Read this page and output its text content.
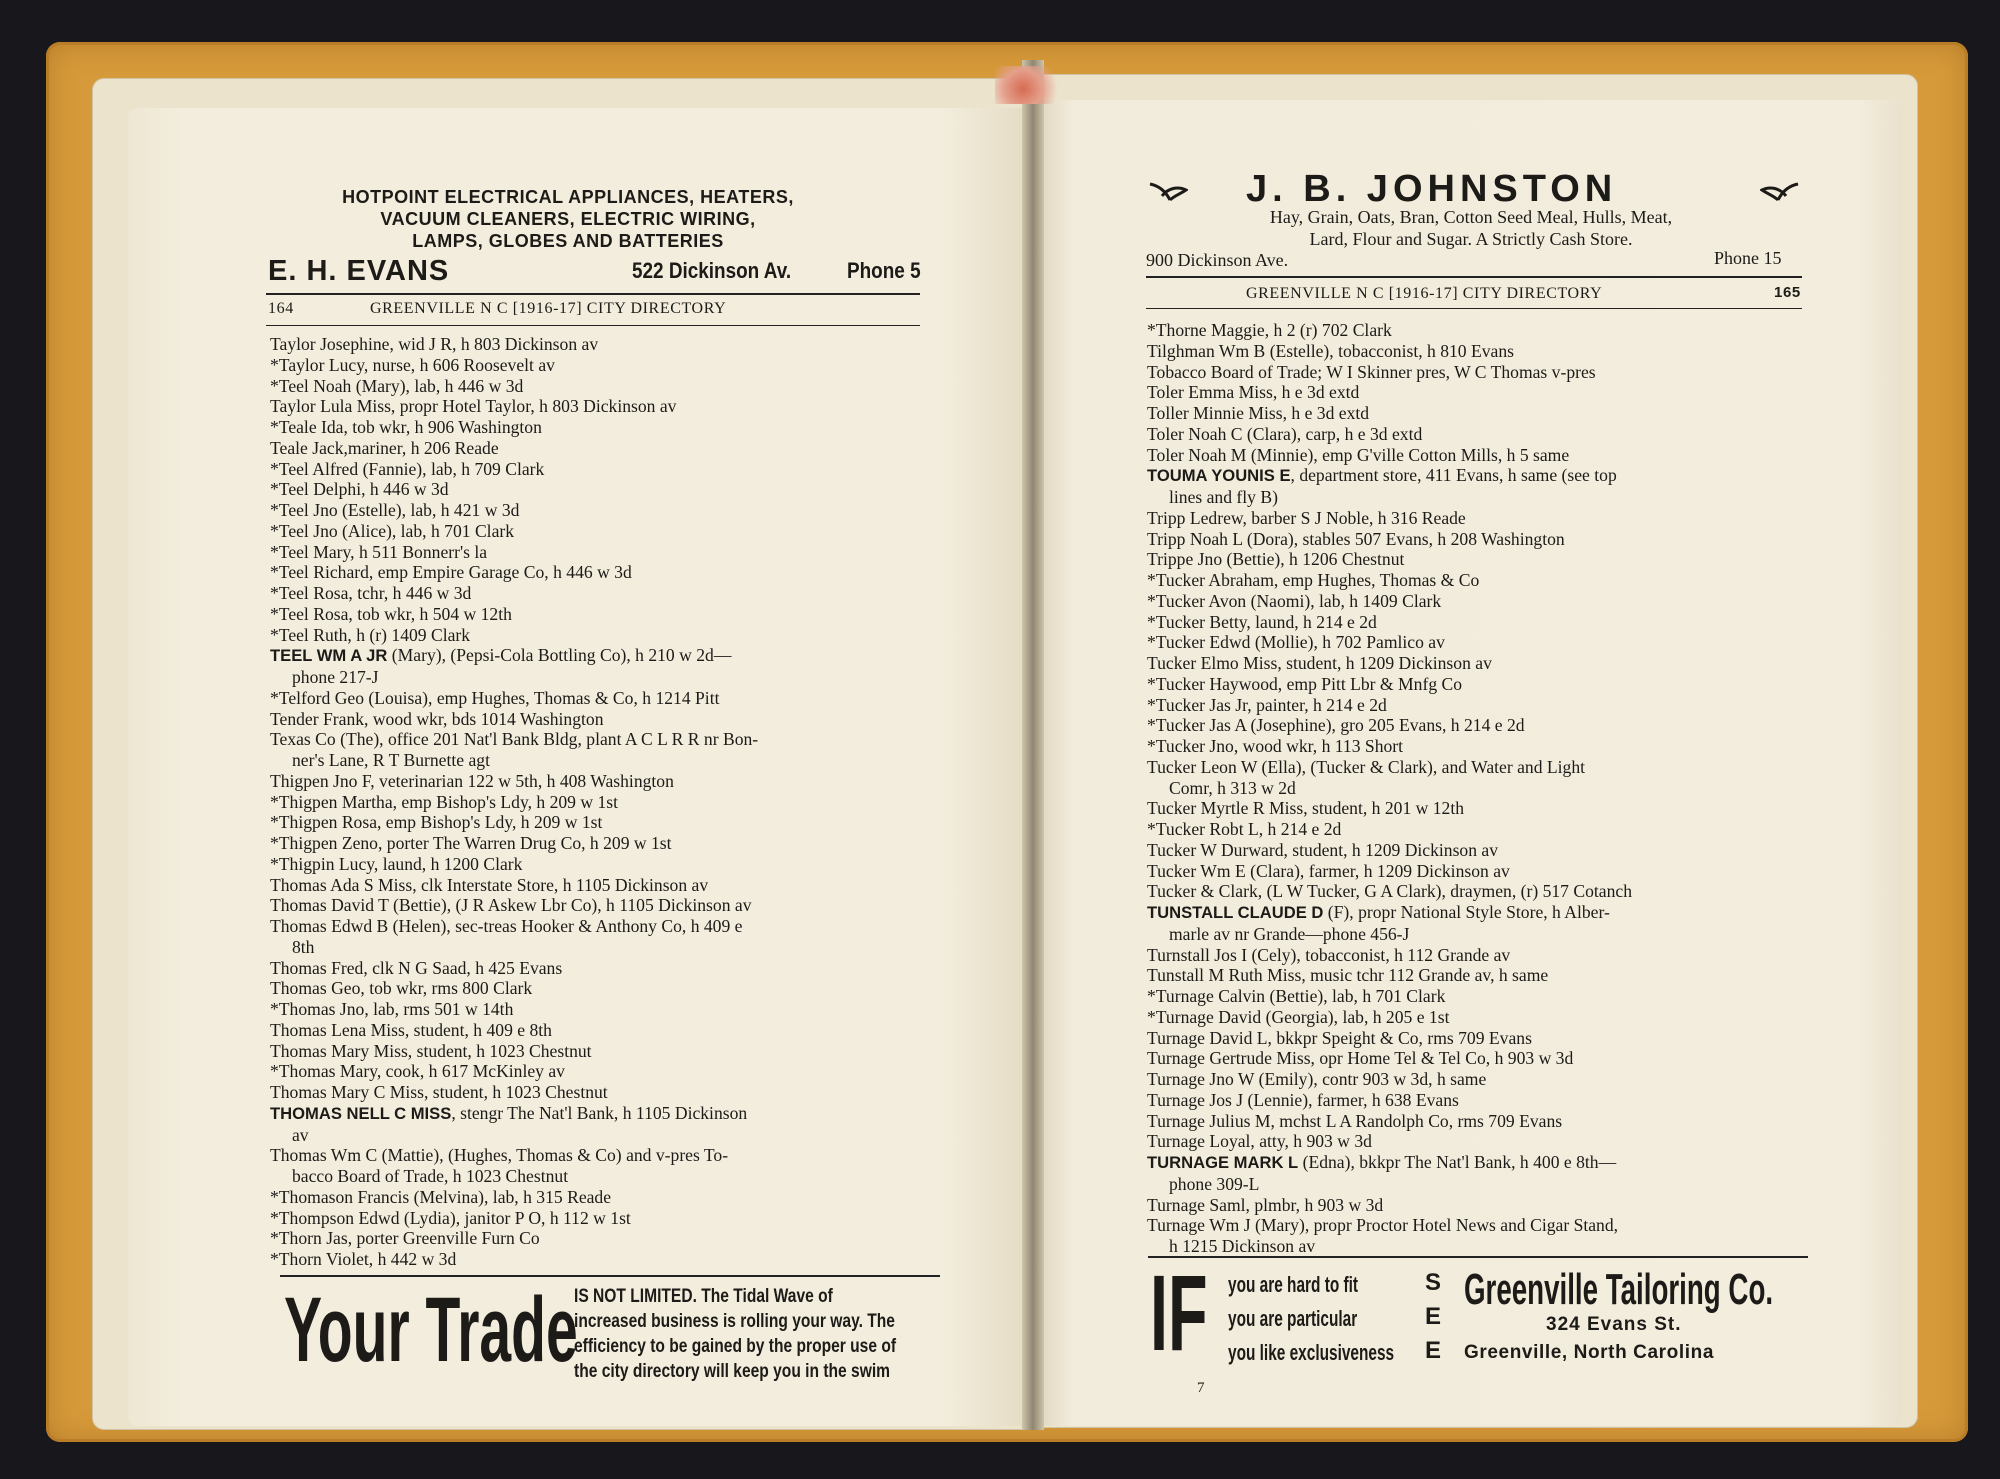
HOTPOINT ELECTRICAL APPLIANCES, HEATERS,
VACUUM CLEANERS, ELECTRIC WIRING,
LAMPS, GLOBES AND BATTERIES
E. H. EVANS	522 Dickinson Av.	Phone 5
164	GREENVILLE N C [1916-17] CITY DIRECTORY
Taylor Josephine, wid J R, h 803 Dickinson av
*Taylor Lucy, nurse, h 606 Roosevelt av
*Teel Noah (Mary), lab, h 446 w 3d
Taylor Lula Miss, propr Hotel Taylor, h 803 Dickinson av
*Teale Ida, tob wkr, h 906 Washington
Teale Jack,mariner, h 206 Reade
*Teel Alfred (Fannie), lab, h 709 Clark
*Teel Delphi, h 446 w 3d
*Teel Jno (Estelle), lab, h 421 w 3d
*Teel Jno (Alice), lab, h 701 Clark
*Teel Mary, h 511 Bonnerr's la
*Teel Richard, emp Empire Garage Co, h 446 w 3d
*Teel Rosa, tchr, h 446 w 3d
*Teel Rosa, tob wkr, h 504 w 12th
*Teel Ruth, h (r) 1409 Clark
TEEL WM A JR (Mary), (Pepsi-Cola Bottling Co), h 210 w 2d—
phone 217-J
*Telford Geo (Louisa), emp Hughes, Thomas & Co, h 1214 Pitt
Tender Frank, wood wkr, bds 1014 Washington
Texas Co (The), office 201 Nat'l Bank Bldg, plant A C L R R nr Bon-
ner's Lane, R T Burnette agt
Thigpen Jno F, veterinarian 122 w 5th, h 408 Washington
*Thigpen Martha, emp Bishop's Ldy, h 209 w 1st
*Thigpen Rosa, emp Bishop's Ldy, h 209 w 1st
*Thigpen Zeno, porter The Warren Drug Co, h 209 w 1st
*Thigpin Lucy, laund, h 1200 Clark
Thomas Ada S Miss, clk Interstate Store, h 1105 Dickinson av
Thomas David T (Bettie), (J R Askew Lbr Co), h 1105 Dickinson av
Thomas Edwd B (Helen), sec-treas Hooker & Anthony Co, h 409 e
8th
Thomas Fred, clk N G Saad, h 425 Evans
Thomas Geo, tob wkr, rms 800 Clark
*Thomas Jno, lab, rms 501 w 14th
Thomas Lena Miss, student, h 409 e 8th
Thomas Mary Miss, student, h 1023 Chestnut
*Thomas Mary, cook, h 617 McKinley av
Thomas Mary C Miss, student, h 1023 Chestnut
THOMAS NELL C MISS, stengr The Nat'l Bank, h 1105 Dickinson
av
Thomas Wm C (Mattie), (Hughes, Thomas & Co) and v-pres To-
bacco Board of Trade, h 1023 Chestnut
*Thomason Francis (Melvina), lab, h 315 Reade
*Thompson Edwd (Lydia), janitor P O, h 112 w 1st
*Thorn Jas, porter Greenville Furn Co
*Thorn Violet, h 442 w 3d
Your Trade
IS NOT LIMITED. The Tidal Wave of
increased business is rolling your way. The
efficiency to be gained by the proper use of
the city directory will keep you in the swim
J. B. JOHNSTON
Hay, Grain, Oats, Bran, Cotton Seed Meal, Hulls, Meat,
Lard, Flour and Sugar. A Strictly Cash Store.
900 Dickinson Ave.	Phone 15
GREENVILLE N C [1916-17] CITY DIRECTORY	165
*Thorne Maggie, h 2 (r) 702 Clark
Tilghman Wm B (Estelle), tobacconist, h 810 Evans
Tobacco Board of Trade; W I Skinner pres, W C Thomas v-pres
Toler Emma Miss, h e 3d extd
Toller Minnie Miss, h e 3d extd
Toler Noah C (Clara), carp, h e 3d extd
Toler Noah M (Minnie), emp G'ville Cotton Mills, h 5 same
TOUMA YOUNIS E, department store, 411 Evans, h same (see top
lines and fly B)
Tripp Ledrew, barber S J Noble, h 316 Reade
Tripp Noah L (Dora), stables 507 Evans, h 208 Washington
Trippe Jno (Bettie), h 1206 Chestnut
*Tucker Abraham, emp Hughes, Thomas & Co
*Tucker Avon (Naomi), lab, h 1409 Clark
*Tucker Betty, laund, h 214 e 2d
*Tucker Edwd (Mollie), h 702 Pamlico av
Tucker Elmo Miss, student, h 1209 Dickinson av
*Tucker Haywood, emp Pitt Lbr & Mnfg Co
*Tucker Jas Jr, painter, h 214 e 2d
*Tucker Jas A (Josephine), gro 205 Evans, h 214 e 2d
*Tucker Jno, wood wkr, h 113 Short
Tucker Leon W (Ella), (Tucker & Clark), and Water and Light
Comr, h 313 w 2d
Tucker Myrtle R Miss, student, h 201 w 12th
*Tucker Robt L, h 214 e 2d
Tucker W Durward, student, h 1209 Dickinson av
Tucker Wm E (Clara), farmer, h 1209 Dickinson av
Tucker & Clark, (L W Tucker, G A Clark), draymen, (r) 517 Cotanch
TUNSTALL CLAUDE D (F), propr National Style Store, h Alber-
marle av nr Grande—phone 456-J
Turnstall Jos I (Cely), tobacconist, h 112 Grande av
Tunstall M Ruth Miss, music tchr 112 Grande av, h same
*Turnage Calvin (Bettie), lab, h 701 Clark
*Turnage David (Georgia), lab, h 205 e 1st
Turnage David L, bkkpr Speight & Co, rms 709 Evans
Turnage Gertrude Miss, opr Home Tel & Tel Co, h 903 w 3d
Turnage Jno W (Emily), contr 903 w 3d, h same
Turnage Jos J (Lennie), farmer, h 638 Evans
Turnage Julius M, mchst L A Randolph Co, rms 709 Evans
Turnage Loyal, atty, h 903 w 3d
TURNAGE MARK L (Edna), bkkpr The Nat'l Bank, h 400 e 8th—
phone 309-L
Turnage Saml, plmbr, h 903 w 3d
Turnage Wm J (Mary), propr Proctor Hotel News and Cigar Stand,
h 1215 Dickinson av
IF you are hard to fit
you are particular
you like exclusiveness
S
E
E
Greenville Tailoring Co.
324 Evans St.
Greenville, North Carolina
7
